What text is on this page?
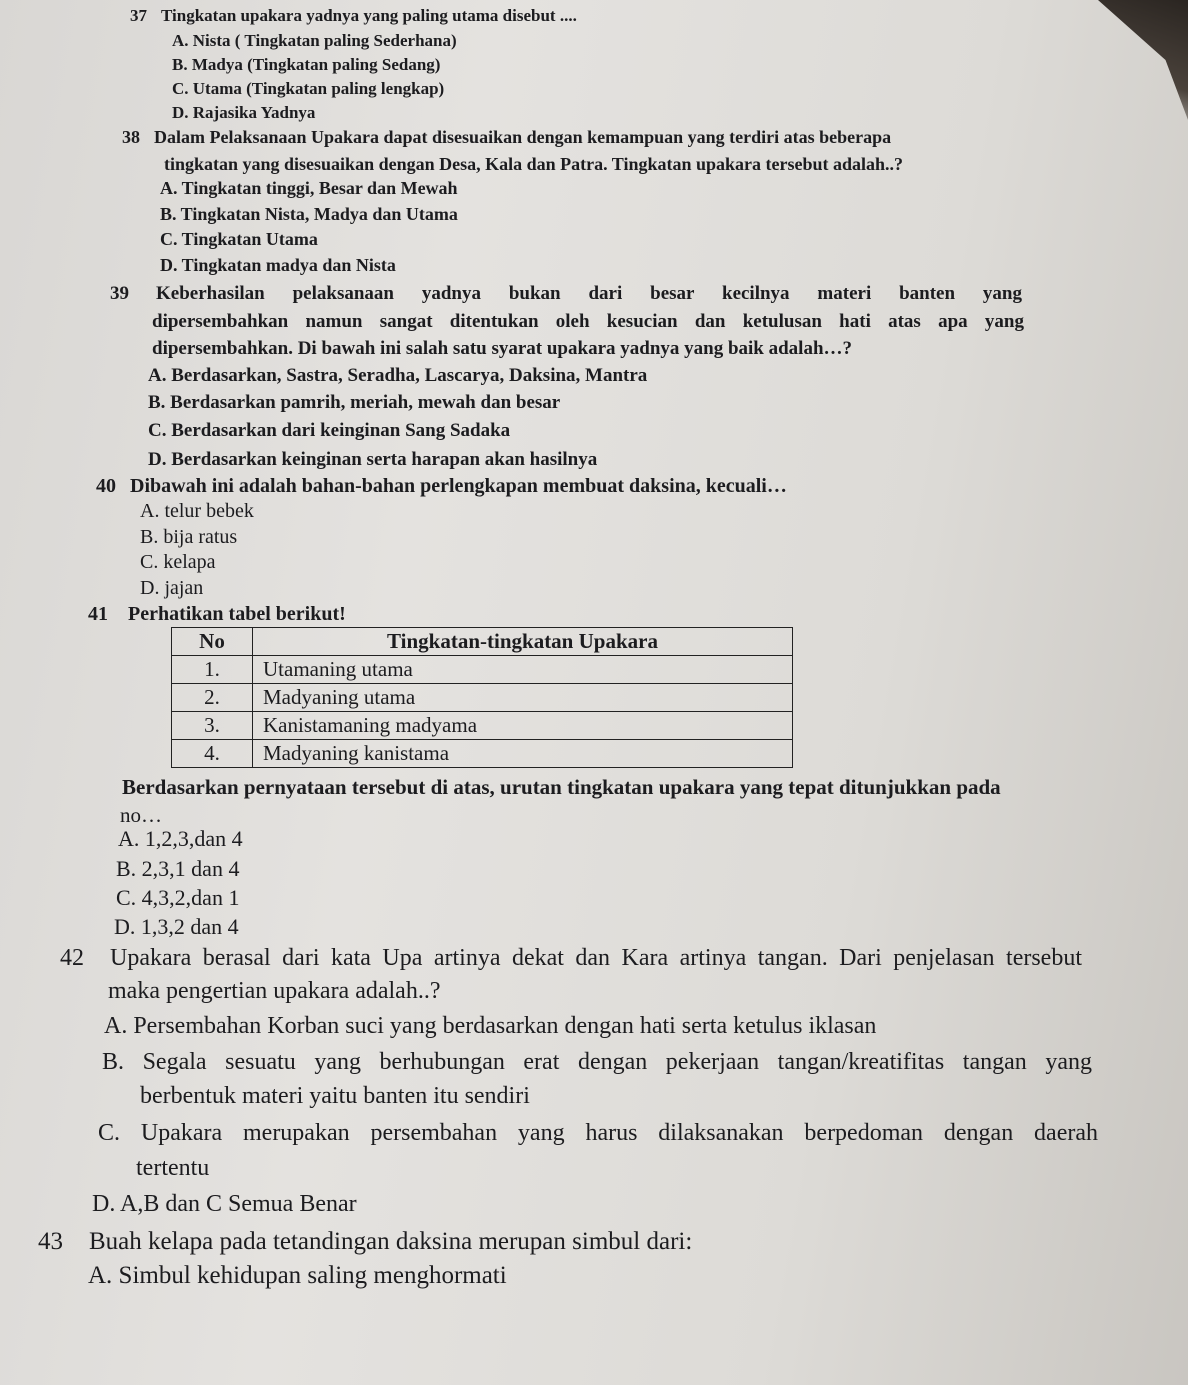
37 Tingkatan upakara yadnya yang paling utama disebut ....
A. Nista ( Tingkatan paling Sederhana)
B. Madya (Tingkatan paling Sedang)
C. Utama (Tingkatan paling lengkap)
D. Rajasika Yadnya
38 Dalam Pelaksanaan Upakara dapat disesuaikan dengan kemampuan yang terdiri atas beberapa
tingkatan yang disesuaikan dengan Desa, Kala dan Patra. Tingkatan upakara tersebut adalah..?
A. Tingkatan tinggi, Besar dan Mewah
B. Tingkatan Nista, Madya dan Utama
C. Tingkatan Utama
D. Tingkatan madya dan Nista
39	Keberhasilan pelaksanaan yadnya bukan dari besar kecilnya materi banten yang
dipersembahkan namun sangat ditentukan oleh kesucian dan ketulusan hati atas apa yang
dipersembahkan. Di bawah ini salah satu syarat upakara yadnya yang baik adalah…?
A. Berdasarkan, Sastra, Seradha, Lascarya, Daksina, Mantra
B. Berdasarkan pamrih, meriah, mewah dan besar
C. Berdasarkan dari keinginan Sang Sadaka
D. Berdasarkan keinginan serta harapan akan hasilnya
40 Dibawah ini adalah bahan-bahan perlengkapan membuat daksina, kecuali…
A. telur bebek
B. bija ratus
C. kelapa
D. jajan
41 Perhatikan tabel berikut!
No	Tingkatan-tingkatan Upakara
1.	Utamaning utama
2.	Madyaning utama
3.	Kanistamaning madyama
4.	Madyaning kanistama
Berdasarkan pernyataan tersebut di atas, urutan tingkatan upakara yang tepat ditunjukkan pada
no…
A. 1,2,3,dan 4
B. 2,3,1 dan 4
C. 4,3,2,dan 1
D. 1,3,2 dan 4
42	Upakara berasal dari kata Upa artinya dekat dan Kara artinya tangan. Dari penjelasan tersebut
maka pengertian upakara adalah..?
A. Persembahan Korban suci yang berdasarkan dengan hati serta ketulus iklasan
B. Segala sesuatu yang berhubungan erat dengan pekerjaan tangan/kreatifitas tangan yang
berbentuk materi yaitu banten itu sendiri
C. Upakara merupakan persembahan yang harus dilaksanakan berpedoman dengan daerah
tertentu
D. A,B dan C Semua Benar
43 Buah kelapa pada tetandingan daksina merupan simbul dari:
A. Simbul kehidupan saling menghormati
